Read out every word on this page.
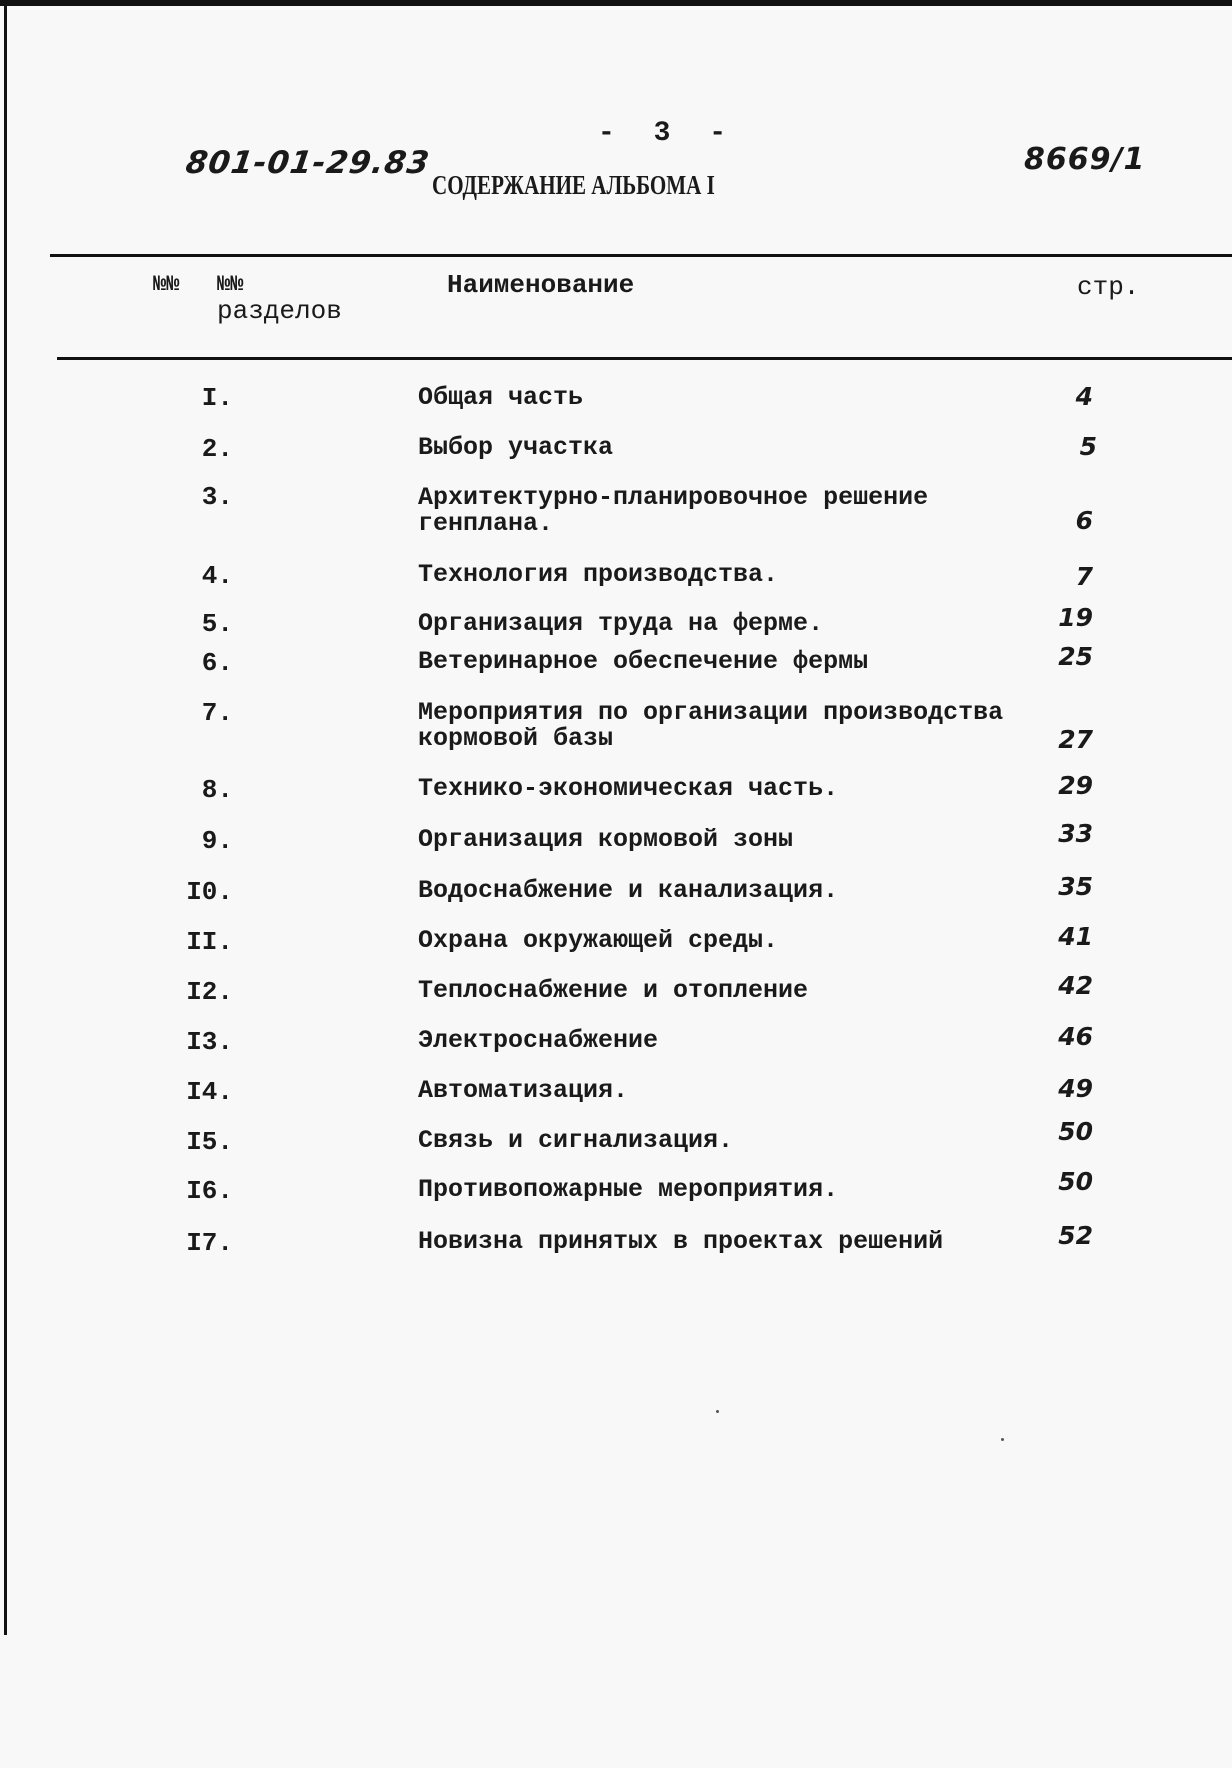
801-01-29.83
- 3 -
СОДЕРЖАНИЕ АЛЬБОМА I
8669/1
№№ №№
разделов
Наименование	стр.
I.	Общая часть	4
2.	Выбор участка	5
3.	Архитектурно-планировочное решение
генплана.	6
4.	Технология производства.	7
5.	Организация труда на ферме.	19
6.	Ветеринарное обеспечение фермы	25
7.	Мероприятия по организации производства
кормовой базы	27
8.	Технико-экономическая часть.	29
9.	Организация кормовой зоны	33
I0.	Водоснабжение и канализация.	35
II.	Охрана окружающей среды.	41
I2.	Теплоснабжение и отопление	42
I3.	Электроснабжение	46
I4.	Автоматизация.	49
I5.	Связь и сигнализация.	50
I6.	Противопожарные мероприятия.	50
I7.	Новизна принятых в проектах решений	52
